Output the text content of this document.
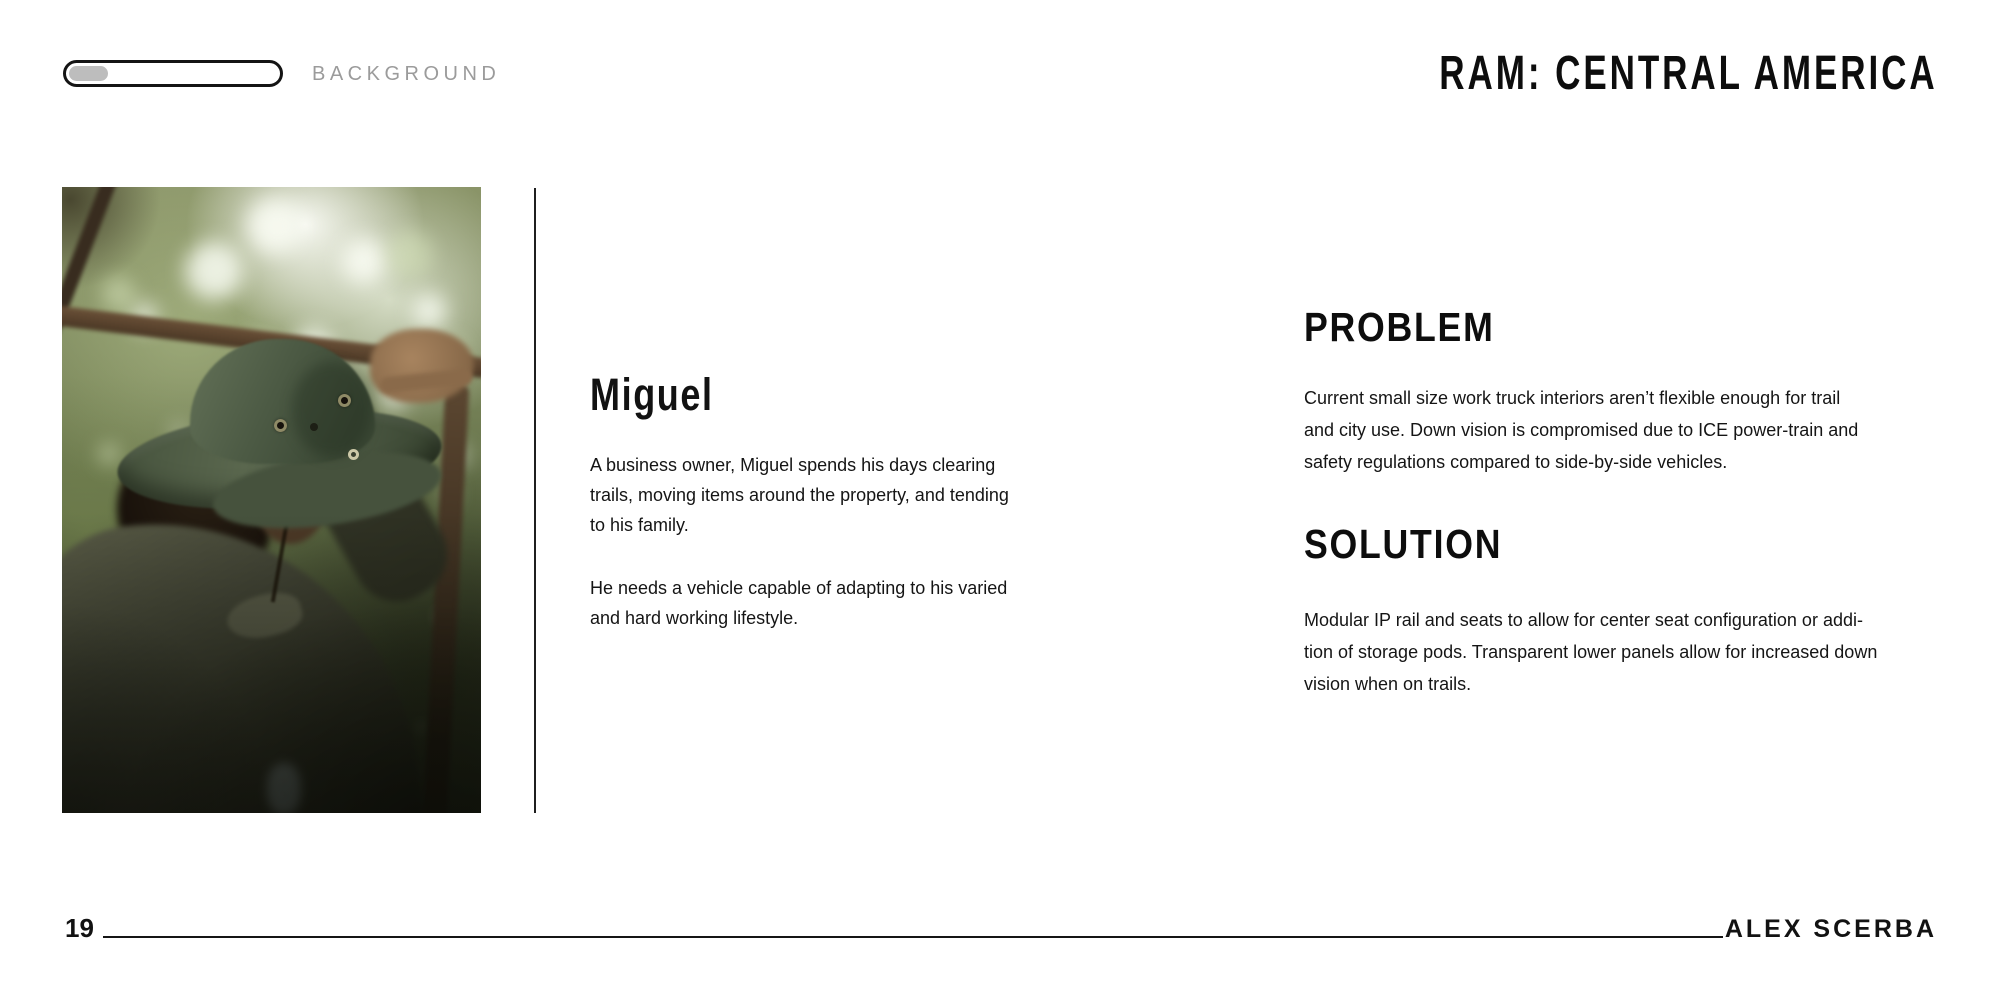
BACKGROUND	RAM: CENTRAL AMERICA
Miguel
A business owner, Miguel spends his days clearing
trails, moving items around the property, and tending
to his family.
He needs a vehicle capable of adapting to his varied
and hard working lifestyle.
PROBLEM
Current small size work truck interiors aren’t flexible enough for trail
and city use. Down vision is compromised due to ICE power-train and
safety regulations compared to side-by-side vehicles.
SOLUTION
Modular IP rail and seats to allow for center seat configuration or addi-
tion of storage pods. Transparent lower panels allow for increased down
vision when on trails.
19	ALEX SCERBA
